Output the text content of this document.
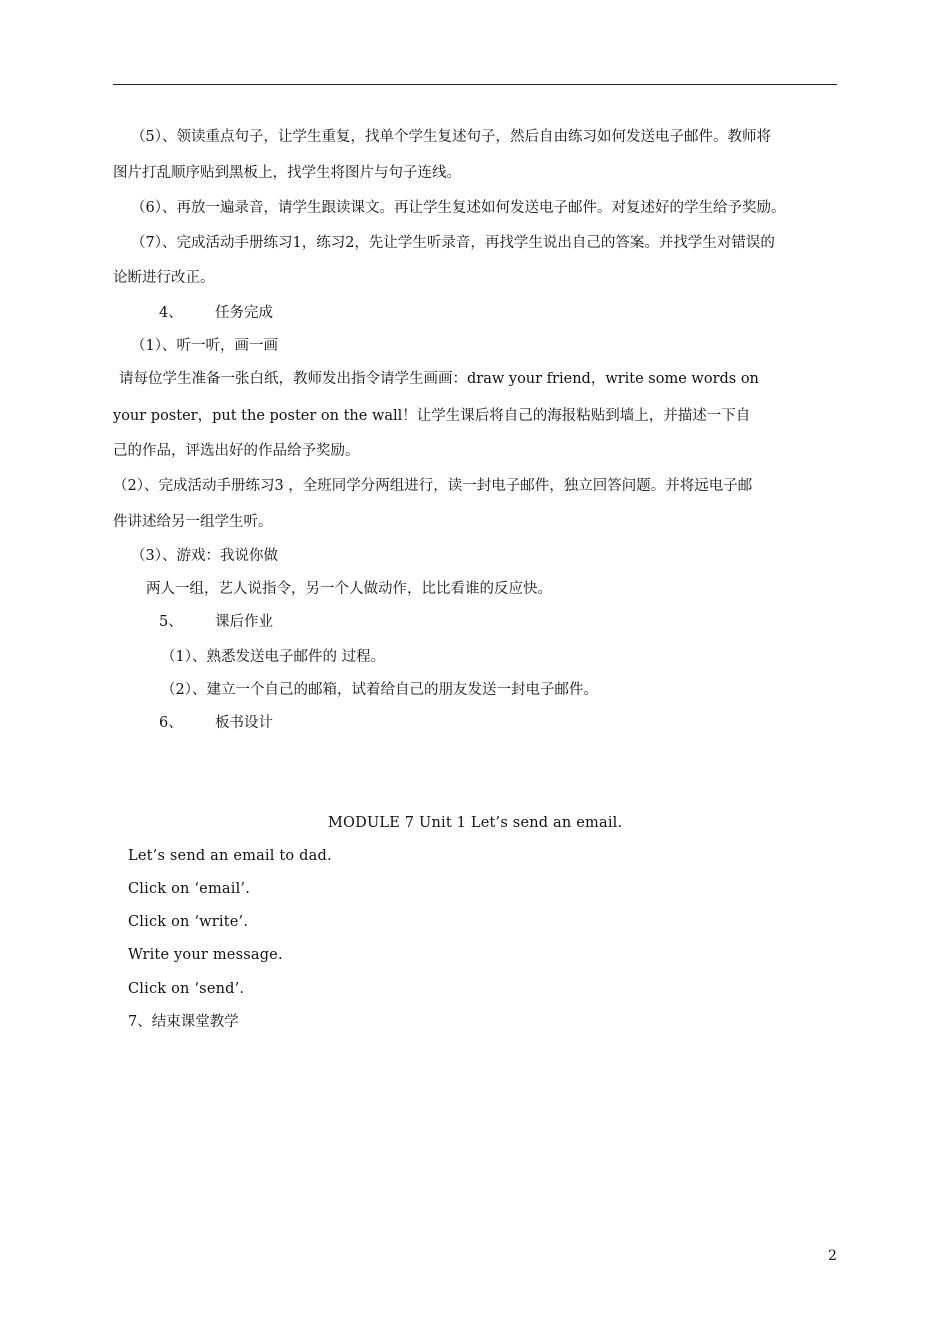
（5）、领读重点句子，让学生重复，找单个学生复述句子，然后自由练习如何发送电子邮件。教师将
图片打乱顺序贴到黑板上，找学生将图片与句子连线。
（6）、再放一遍录音，请学生跟读课文。再让学生复述如何发送电子邮件。对复述好的学生给予奖励。
（7）、完成活动手册练习1，练习2，先让学生听录音，再找学生说出自己的答案。并找学生对错误的
论断进行改正。
4、 任务完成
（1）、听一听，画一画
请每位学生准备一张白纸，教师发出指令请学生画画：draw your friend，write some words on
your poster，put the poster on the wall！让学生课后将自己的海报粘贴到墙上，并描述一下自
己的作品，评选出好的作品给予奖励。
（2）、完成活动手册练习3 ，全班同学分两组进行，读一封电子邮件，独立回答问题。并将远电子邮
件讲述给另一组学生听。
（3）、游戏：我说你做
两人一组，艺人说指令，另一个人做动作，比比看谁的反应快。
5、 课后作业
（1）、熟悉发送电子邮件的 过程。
（2）、建立一个自己的邮箱，试着给自己的朋友发送一封电子邮件。
6、 板书设计
MODULE 7 Unit 1 Let’s send an email.
Let’s send an email to dad.
Click on ‘email’.
Click on ‘write’.
Write your message.
Click on ‘send’.
7、结束课堂教学
2
